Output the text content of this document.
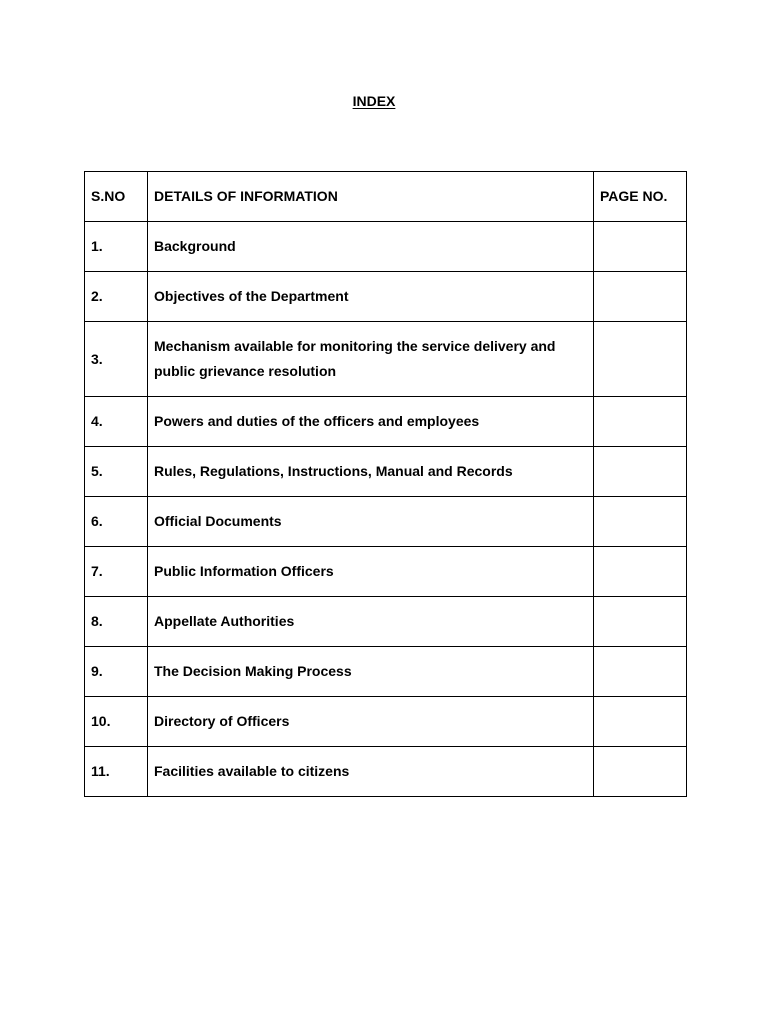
INDEX
S.NO	DETAILS OF INFORMATION	PAGE NO.
1.	Background	
2.	Objectives of the Department	
3.	Mechanism available for monitoring the service delivery and public grievance resolution	
4.	Powers and duties of the officers and employees	
5.	Rules, Regulations, Instructions, Manual and Records	
6.	Official Documents	
7.	Public Information Officers	
8.	Appellate Authorities	
9.	The Decision Making Process	
10.	Directory of Officers	
11.	Facilities available to citizens	
